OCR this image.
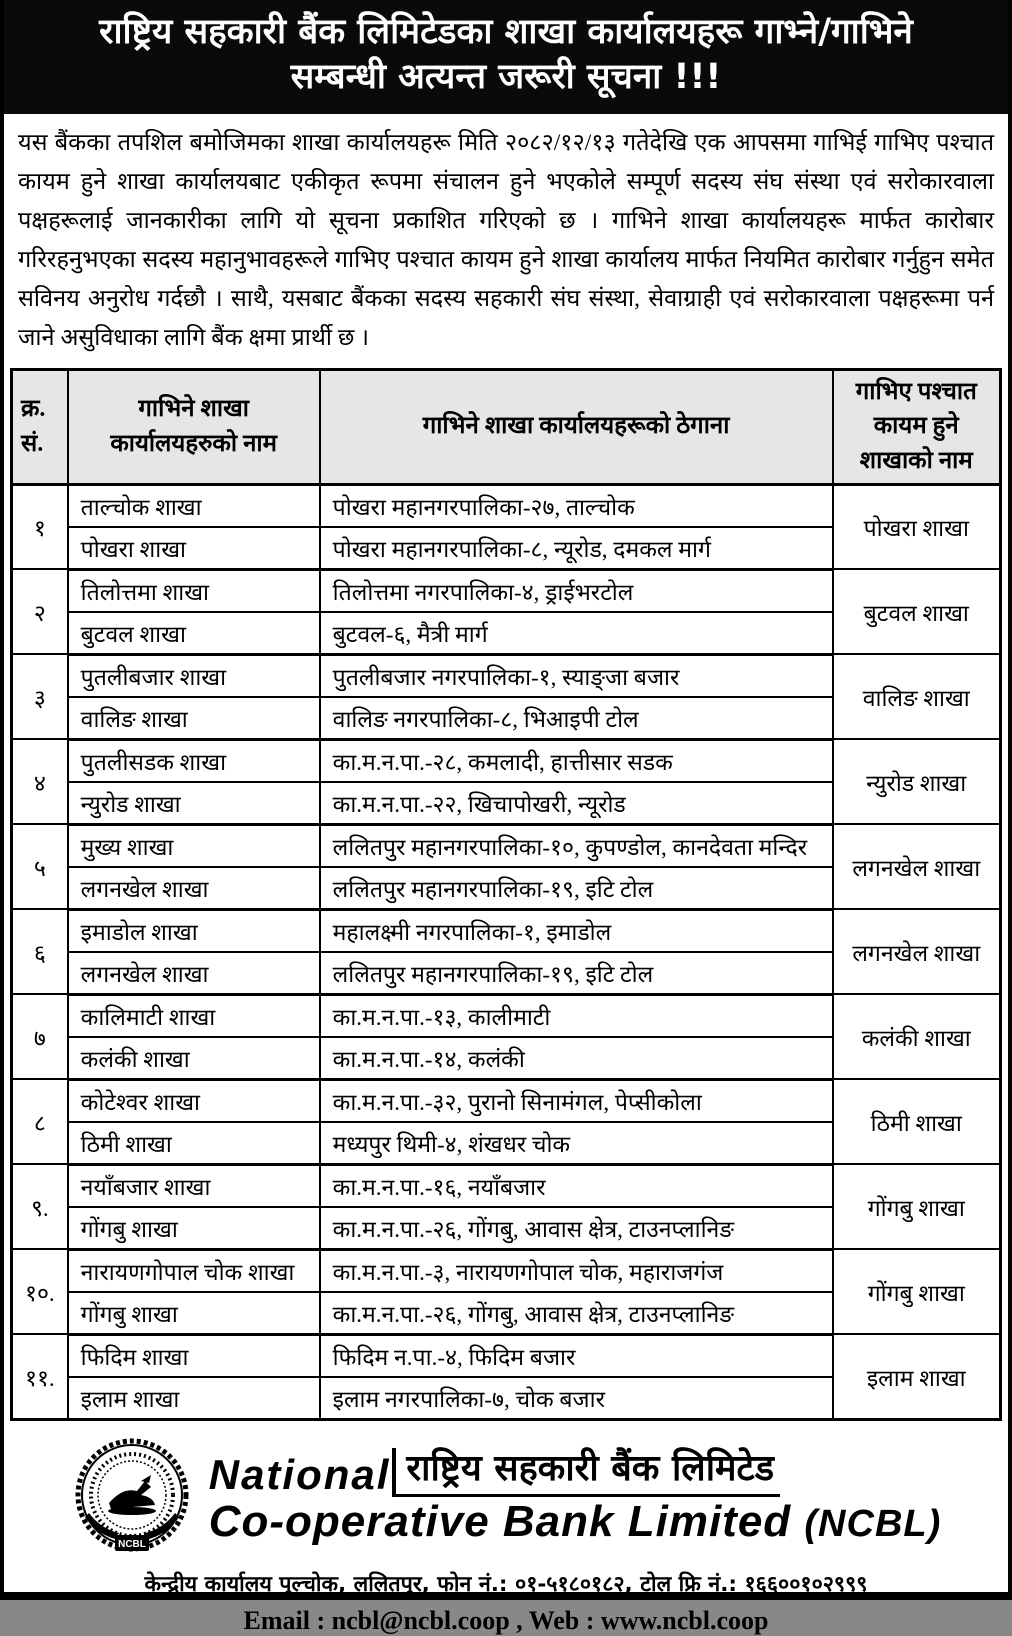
राष्ट्रिय सहकारी बैंक लिमिटेडका शाखा कार्यालयहरू गाभ्ने/गाभिने
सम्बन्धी अत्यन्त जरूरी सूचना !!!
यस बैंकका तपशिल बमोजिमका शाखा कार्यालयहरू मिति २०८२/१२/१३ गतेदेखि एक आपसमा गाभिई गाभिए पश्चात कायम हुने शाखा कार्यालयबाट एकीकृत रूपमा संचालन हुने भएकोले सम्पूर्ण सदस्य संघ संस्था एवं सरोकारवाला पक्षहरूलाई जानकारीका लागि यो सूचना प्रकाशित गरिएको छ । गाभिने शाखा कार्यालयहरू मार्फत कारोबार गरिरहनुभएका सदस्य महानुभावहरूले गाभिए पश्चात कायम हुने शाखा कार्यालय मार्फत नियमित कारोबार गर्नुहुन समेत सविनय अनुरोध गर्दछौ । साथै, यसबाट बैंकका सदस्य सहकारी संघ संस्था, सेवाग्राही एवं सरोकारवाला पक्षहरूमा पर्न जाने असुविधाका लागि बैंक क्षमा प्रार्थी छ ।
क्र.
सं.	गाभिने शाखा कार्यालयहरुको नाम	गाभिने शाखा कार्यालयहरूको ठेगाना	गाभिए पश्चात कायम हुने शाखाको नाम
१	ताल्चोक शाखा	पोखरा महानगरपालिका-२७, ताल्चोक	पोखरा शाखा
	पोखरा शाखा	पोखरा महानगरपालिका-८, न्यूरोड, दमकल मार्ग	
२	तिलोत्तमा शाखा	तिलोत्तमा नगरपालिका-४, ड्राईभरटोल	बुटवल शाखा
	बुटवल शाखा	बुटवल-६, मैत्री मार्ग	
३	पुतलीबजार शाखा	पुतलीबजार नगरपालिका-१, स्याङ्जा बजार	वालिङ शाखा
	वालिङ शाखा	वालिङ नगरपालिका-८, भिआइपी टोल	
४	पुतलीसडक शाखा	का.म.न.पा.-२८, कमलादी, हात्तीसार सडक	न्युरोड शाखा
	न्युरोड शाखा	का.म.न.पा.-२२, खिचापोखरी, न्यूरोड	
५	मुख्य शाखा	ललितपुर महानगरपालिका-१०, कुपण्डोल, कानदेवता मन्दिर	लगनखेल शाखा
	लगनखेल शाखा	ललितपुर महानगरपालिका-१९, इटि टोल	
६	इमाडोल शाखा	महालक्ष्मी नगरपालिका-१, इमाडोल	लगनखेल शाखा
	लगनखेल शाखा	ललितपुर महानगरपालिका-१९, इटि टोल	
७	कालिमाटी शाखा	का.म.न.पा.-१३, कालीमाटी	कलंकी शाखा
	कलंकी शाखा	का.म.न.पा.-१४, कलंकी	
८	कोटेश्वर शाखा	का.म.न.पा.-३२, पुरानो सिनामंगल, पेप्सीकोला	ठिमी शाखा
	ठिमी शाखा	मध्यपुर थिमी-४, शंखधर चोक	
९.	नयाँबजार शाखा	का.म.न.पा.-१६, नयाँबजार	गोंगबु शाखा
	गोंगबु शाखा	का.म.न.पा.-२६, गोंगबु, आवास क्षेत्र, टाउनप्लानिङ	
१०.	नारायणगोपाल चोक शाखा	का.म.न.पा.-३, नारायणगोपाल चोक, महाराजगंज	गोंगबु शाखा
	गोंगबु शाखा	का.म.न.पा.-२६, गोंगबु, आवास क्षेत्र, टाउनप्लानिङ	
११.	फिदिम शाखा	फिदिम न.पा.-४, फिदिम बजार	इलाम शाखा
	इलाम शाखा	इलाम नगरपालिका-७, चोक बजार	
NCBL
National राष्ट्रिय सहकारी बैंक लिमिटेड
Co-operative Bank Limited (NCBL)
केन्द्रीय कार्यालय पुल्चोक, ललितपुर, फोन नं.: ०१-५१८०१८२, टोल फ्रि नं.: १६६००१०२९९९
Email : ncbl@ncbl.coop , Web : www.ncbl.coop
